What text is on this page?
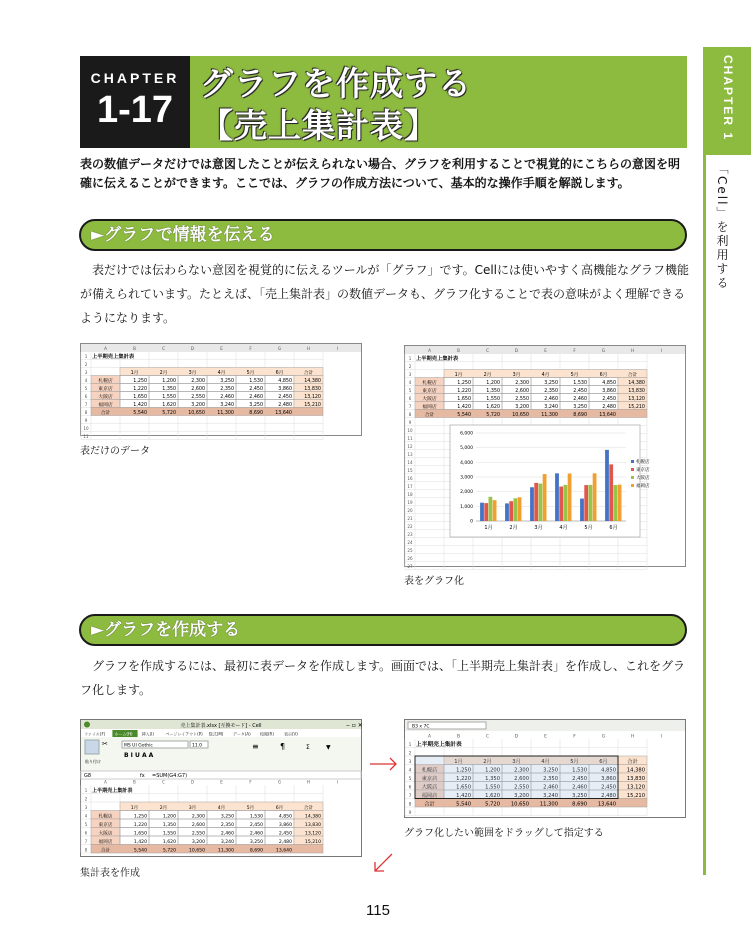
CHAPTER
1-17
グラフを作成する
【売上集計表】	CHAPTER 1
「Cell」を利用する
表の数値データだけでは意図したことが伝えられない場合、グラフを利用することで視覚的にこちらの意図を明確に伝えることができます。ここでは、グラフの作成方法について、基本的な操作手順を解説します。
►グラフで情報を伝える
表だけでは伝わらない意図を視覚的に伝えるツールが「グラフ」です。Cellには使いやすく高機能なグラフ機能が備えられています。たとえば、「売上集計表」の数値データも、グラフ化することで表の意味がよく理解できるようになります。
A	B	C	D	E	F	G	H	I
1
2
3
4
5
6
7
8
9
10
11
上半期売上集計表
1月	2月	3月	4月	5月	6月	合計
札幌店	1,250	1,200	2,300	3,250	1,530	4,850	14,380
東京店	1,220	1,350	2,600	2,350	2,450	3,860	13,830
大阪店	1,650	1,550	2,550	2,460	2,460	2,450	13,120
福岡店	1,420	1,620	3,200	3,240	3,250	2,480	15,210
合計	5,540	5,720	10,650	11,300	8,690	13,640
表だけのデータ
A	B	C	D	E	F	G	H	I
1
2
3
4
5
6
7
8
9
10
11
12
13
14
15
16
17
18
19
20
21
22
23
24
25
26
27
上半期売上集計表
1月	2月	3月	4月	5月	6月	合計
札幌店	1,250	1,200	2,300	3,250	1,530	4,850	14,380
東京店	1,220	1,350	2,600	2,350	2,450	3,860	13,830
大阪店	1,650	1,550	2,550	2,460	2,460	2,450	13,120
福岡店	1,420	1,620	3,200	3,240	3,250	2,480	15,210
合計	5,540	5,720	10,650	11,300	8,690	13,640
0
1,000
2,000
3,000
4,000
5,000
6,000
1月	2月	3月	4月	5月	6月
札幌店
東京店
大阪店
福岡店
表をグラフ化
►グラフを作成する
グラフを作成するには、最初に表データを作成します。画面では、「上半期売上集計表」を作成し、これをグラフ化します。
売上集計表.xlsx [互換モード] - Cell	‒ ▫ ✕
ファイル(F) ホーム(H) 挿入(I)	ページレイアウト(P) 数式(M) データ(A) 校閲(R)	表示(V)
貼り付け
✂	MS UI Gothic	11.0
B I U A A
≡	¶	Σ	▼
G8	fx =SUM(G4:G7)
A	B	C	D	E	F	G	H	I
1
2
3
4
5
6
7
8
上半期売上集計表
1月	2月	3月	4月	5月	6月	合計
札幌店	1,250	1,200	2,300	3,250	1,530	4,850	14,380
東京店	1,220	1,350	2,600	2,350	2,450	3,860	13,830
大阪店	1,650	1,550	2,550	2,460	2,460	2,450	13,120
福岡店	1,420	1,620	3,200	3,240	3,250	2,480	15,210
合計	5,540	5,720	10,650	11,300	8,690	13,640
集計表を作成
B3 x 7C
A	B	C	D	E	F	G	H	I
1
2
3
4
5
6
7
8
9
上半期売上集計表
1月	2月	3月	4月	5月	6月	合計
札幌店	1,250	1,200	2,300	3,250	1,530	4,850 14,380
東京店	1,220	1,350	2,600	2,350	2,450	3,860 13,830
大阪店	1,650	1,550	2,550	2,460	2,460	2,450 13,120
福岡店	1,420	1,620	3,200	3,240	3,250	2,480 15,210
合計	5,540	5,720 10,650 11,300	8,690 13,640
グラフ化したい範囲をドラッグして指定する
115
